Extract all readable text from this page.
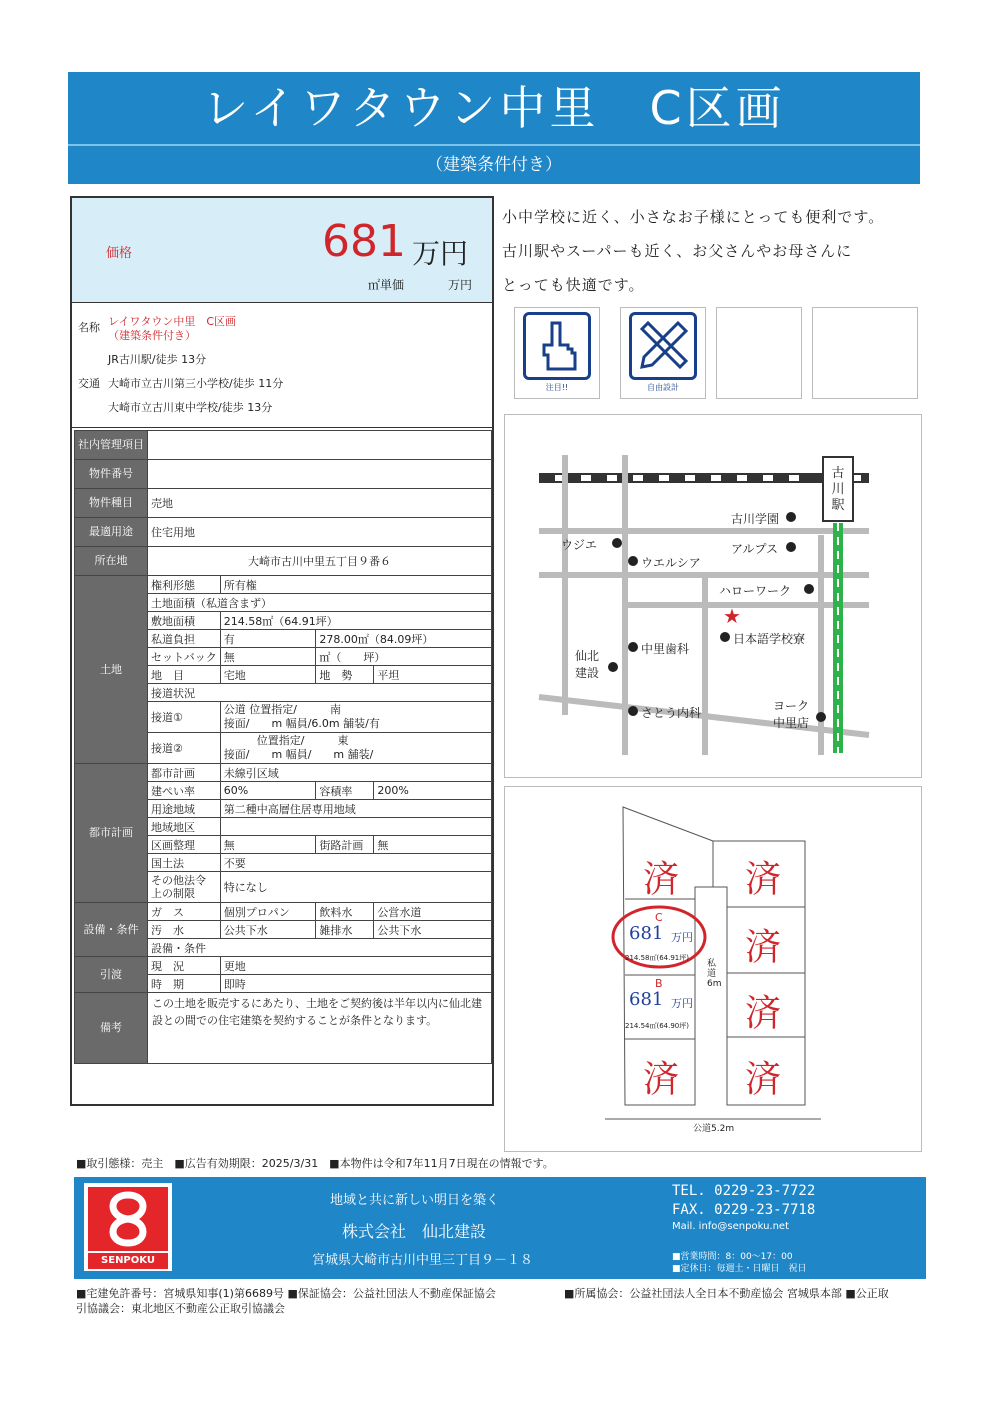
レイワタウン中里　C区画
（建築条件付き）
価格	681 万円
㎡単価	万円
名称 レイワタウン中里　C区画
（建築条件付き）
JR古川駅/徒歩 13分
交通 大崎市立古川第三小学校/徒歩 11分
大崎市立古川東中学校/徒歩 13分
社内管理項目				
物件番号				
物件種目	売地			
最適用途	住宅用地			
所在地	大崎市古川中里五丁目９番６			
土地	権利形態	所有権		
	土地面積（私道含まず）			
	敷地面積	214.58㎡（64.91坪）		
	私道負担	有	278.00㎡（84.09坪）	
	セットバック	無	㎡（　　坪）	
	地　目	宅地	地　勢	平坦
	接道状況			
	接道①	公道 位置指定/　　　南
接面/　　m 幅員/6.0m 舗装/有		

	接道②	　　　位置指定/　　　東
接面/　　m 幅員/　　m 舗装/		

都市計画	都市計画	未線引区域		
	建ぺい率	60%	容積率	200%
	用途地域	第二種中高層住居専用地域		
	地域地区			
	区画整理	無	街路計画	無
	国土法	不要		
	その他法令上の制限	特になし		
設備・条件	ガ　ス	個別プロパン	飲料水	公営水道
	汚　水	公共下水	雑排水	公共下水
	設備・条件			
引渡	現　況	更地		
	時　期	即時		
備考	この土地を販売するにあたり、土地をご契約後は半年以内に仙北建設との間での住宅建築を契約することが条件となります。			
小中学校に近く、小さなお子様にとっても便利です。
古川駅やスーパーも近く、お父さんやお母さんに
とっても快適です。
注目!!	自由設計
古
川
駅
★
古川学園
ウジエ
ウエルシア
アルプス
ハローワーク
仙北建設
中里歯科
日本語学校寮
さとう内科	ヨーク中里店
済 済
済
済
済 済
C
681 万円
214.58㎡(64.91坪)
B
681 万円
214.54㎡(64.90坪)
私道6m
公道5.2m
■取引態様：売主　■広告有効期限：2025/3/31　■本物件は令和7年11月7日現在の情報です。
SENPOKU
地域と共に新しい明日を築く
株式会社　仙北建設
宮城県大崎市古川中里三丁目９－１８
TEL. 0229-23-7722
FAX. 0229-23-7718
Mail. info@senpoku.net
■営業時間：8：00～17：00
■定休日：毎週土・日曜日　祝日
■宅建免許番号：宮城県知事(1)第6689号 ■保証協会：公益社団法人不動産保証協会	■所属協会：公益社団法人全日本不動産協会 宮城県本部 ■公正取
引協議会：東北地区不動産公正取引協議会
